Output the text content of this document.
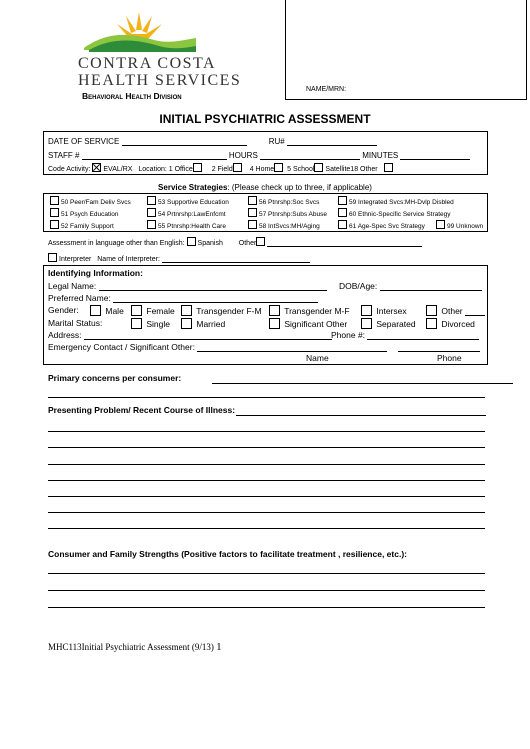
CONTRA COSTA
HEALTH SERVICES
Behavioral Health Division
NAME/MRN:
INITIAL PSYCHIATRIC ASSESSMENT
DATE OF SERVICE	RU#
STAFF #	HOURS	MINUTES
Code Activity: EVAL/RX Location: 1 Office	2 Field 4 Home 5 School Satellite18 Other
Service Strategies: (Please check up to three, if applicable)
50 Peer/Fam Deliv Svcs	53 Supportive Education	56 Ptnrshp:Soc Svcs	59 Integrated Svcs:MH-Dvlp Disbled
51 Psych Education	54 Prtnrshp:LawEnfcmt	57 Ptnrshp:Subs Abuse	60 Ethnic-Specific Service Strategy
52 Family Support	55 Ptnrshp:Health Care	58 IntSvcs:MH/Aging	61 Age-Spec Svc Strategy	99 Unknown
Assessment in language other than English: Spanish Other
Interpreter Name of Interpreter:
Identifying Information:
Legal Name:	DOB/Age:
Preferred Name:
Gender:	Male	Female	Transgender F-M	Transgender M-F	Intersex	Other
Marital Status:	Single	Married	Significant Other	Separated	Divorced
Address:	Phone #:
Emergency Contact / Significant Other:
Name	Phone
Primary concerns per consumer:
Presenting Problem/ Recent Course of Illness:
Consumer and Family Strengths (Positive factors to facilitate treatment , resilience, etc.):
MHC113Initial Psychiatric Assessment (9/13) 1
